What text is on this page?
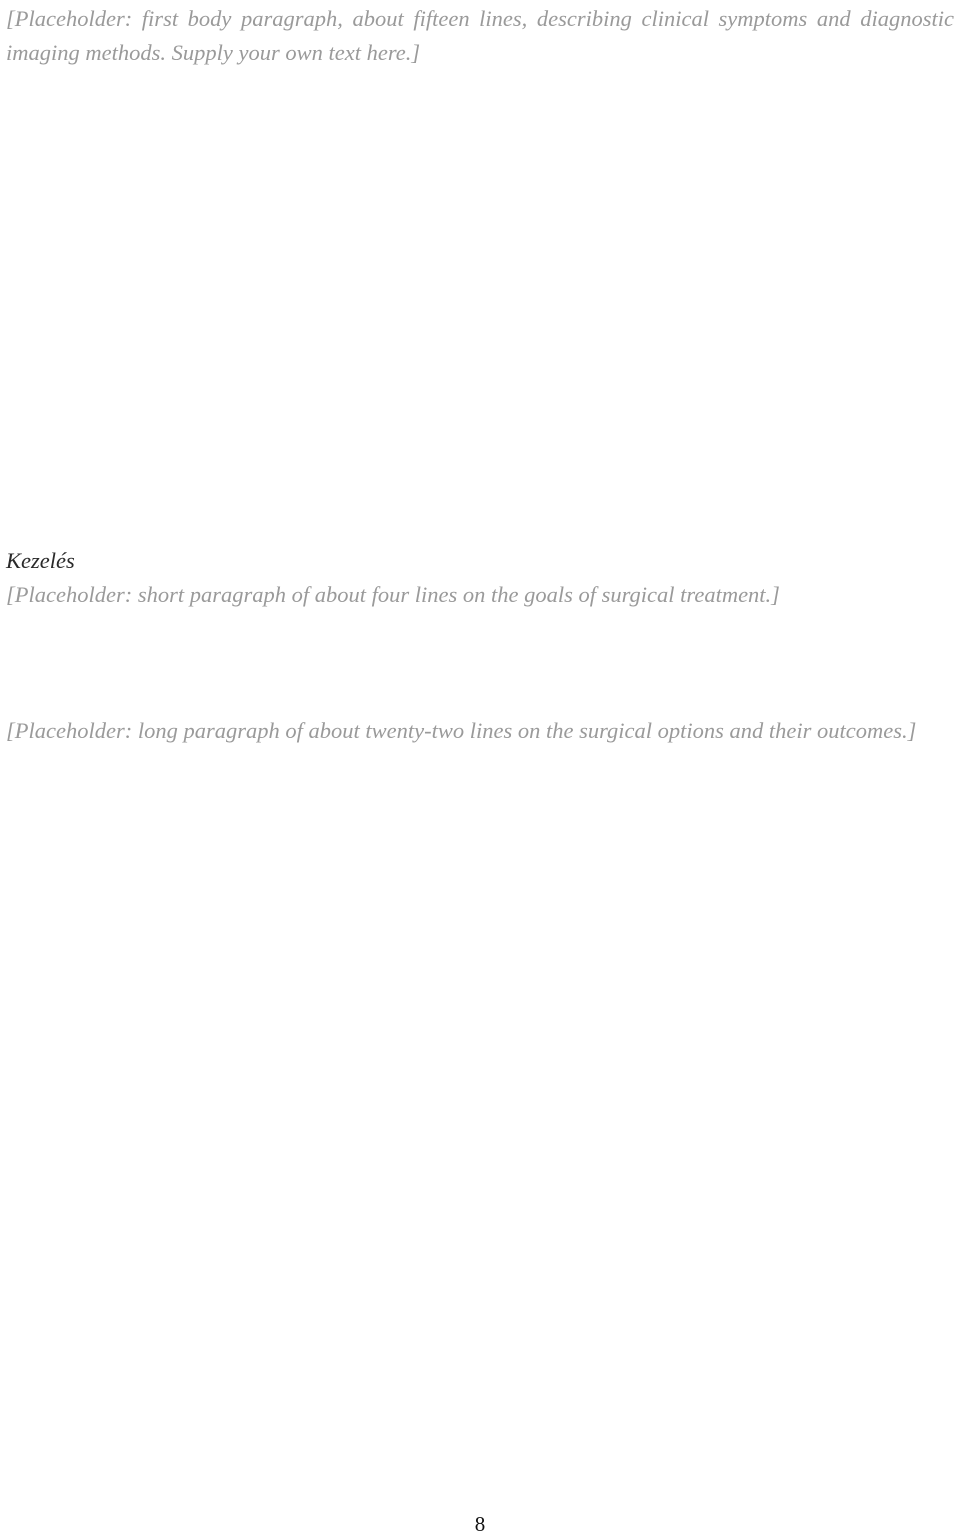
[Placeholder: first body paragraph, about fifteen lines, describing clinical symptoms and diagnostic imaging methods. Supply your own text here.]

Kezelés

[Placeholder: short paragraph of about four lines on the goals of surgical treatment.]

[Placeholder: long paragraph of about twenty-two lines on the surgical options and their outcomes.]

8
